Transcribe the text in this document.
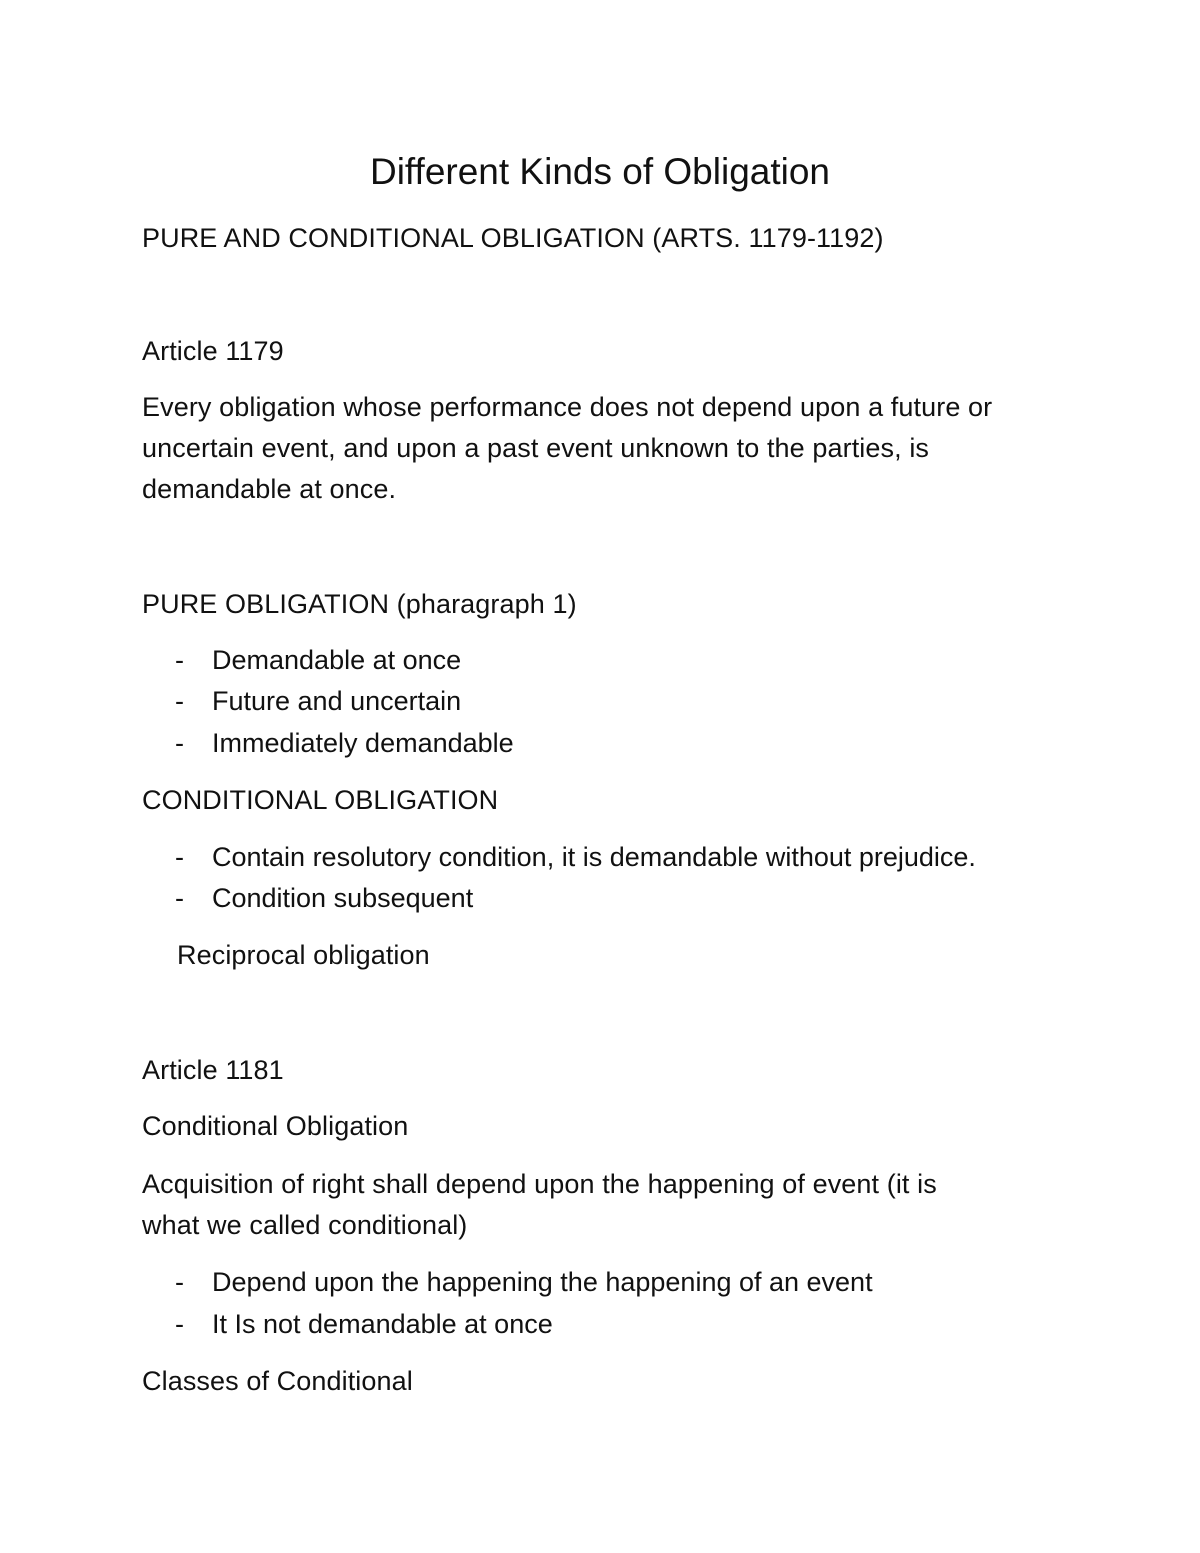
Different Kinds of Obligation
PURE AND CONDITIONAL OBLIGATION (ARTS. 1179-1192)
Article 1179
Every obligation whose performance does not depend upon a future or
uncertain event, and upon a past event unknown to the parties, is
demandable at once.
PURE OBLIGATION (pharagraph 1)
- Demandable at once
- Future and uncertain
- Immediately demandable
CONDITIONAL OBLIGATION
- Contain resolutory condition, it is demandable without prejudice.
- Condition subsequent
Reciprocal obligation
Article 1181
Conditional Obligation
Acquisition of right shall depend upon the happening of event (it is
what we called conditional)
- Depend upon the happening the happening of an event
- It Is not demandable at once
Classes of Conditional
